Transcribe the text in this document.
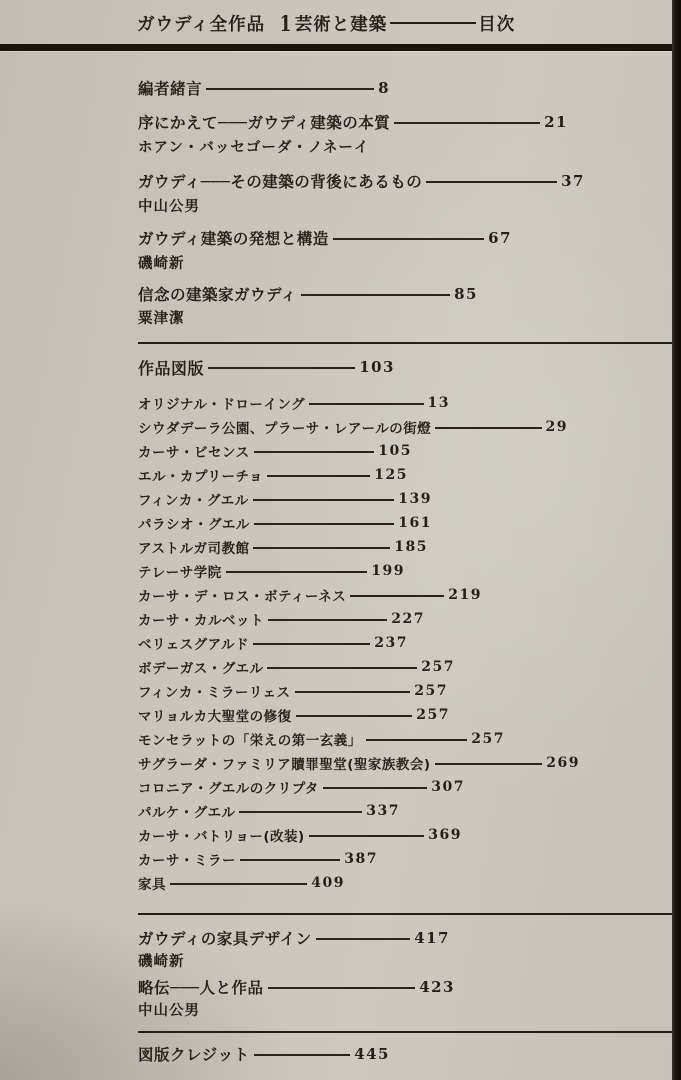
ガウディ全作品 1 芸術と建築	目次
編者緒言	8
序にかえて───ガウディ建築の本質	21
ホアン・バッセゴーダ・ノネーイ
ガウディ───その建築の背後にあるもの	37
中山公男
ガウディ建築の発想と構造	67
磯崎新
信念の建築家ガウディ	85
粟津潔
作品図版	103
オリジナル・ドローイング	13
シウダデーラ公園、プラーサ・レアールの街燈	29
カーサ・ビセンス	105
エル・カプリーチョ	125
フィンカ・グエル	139
パラシオ・グエル	161
アストルガ司教館	185
テレーサ学院	199
カーサ・デ・ロス・ボティーネス	219
カーサ・カルベット	227
ベリェスグアルド	237
ボデーガス・グエル	257
フィンカ・ミラーリェス	257
マリョルカ大聖堂の修復	257
モンセラットの「栄えの第一玄義」	257
サグラーダ・ファミリア贖罪聖堂(聖家族教会)	269
コロニア・グエルのクリプタ	307
パルケ・グエル	337
カーサ・バトリョー(改装)	369
カーサ・ミラー	387
家具	409
ガウディの家具デザイン	417
磯崎新
略伝───人と作品	423
中山公男
図版クレジット	445
